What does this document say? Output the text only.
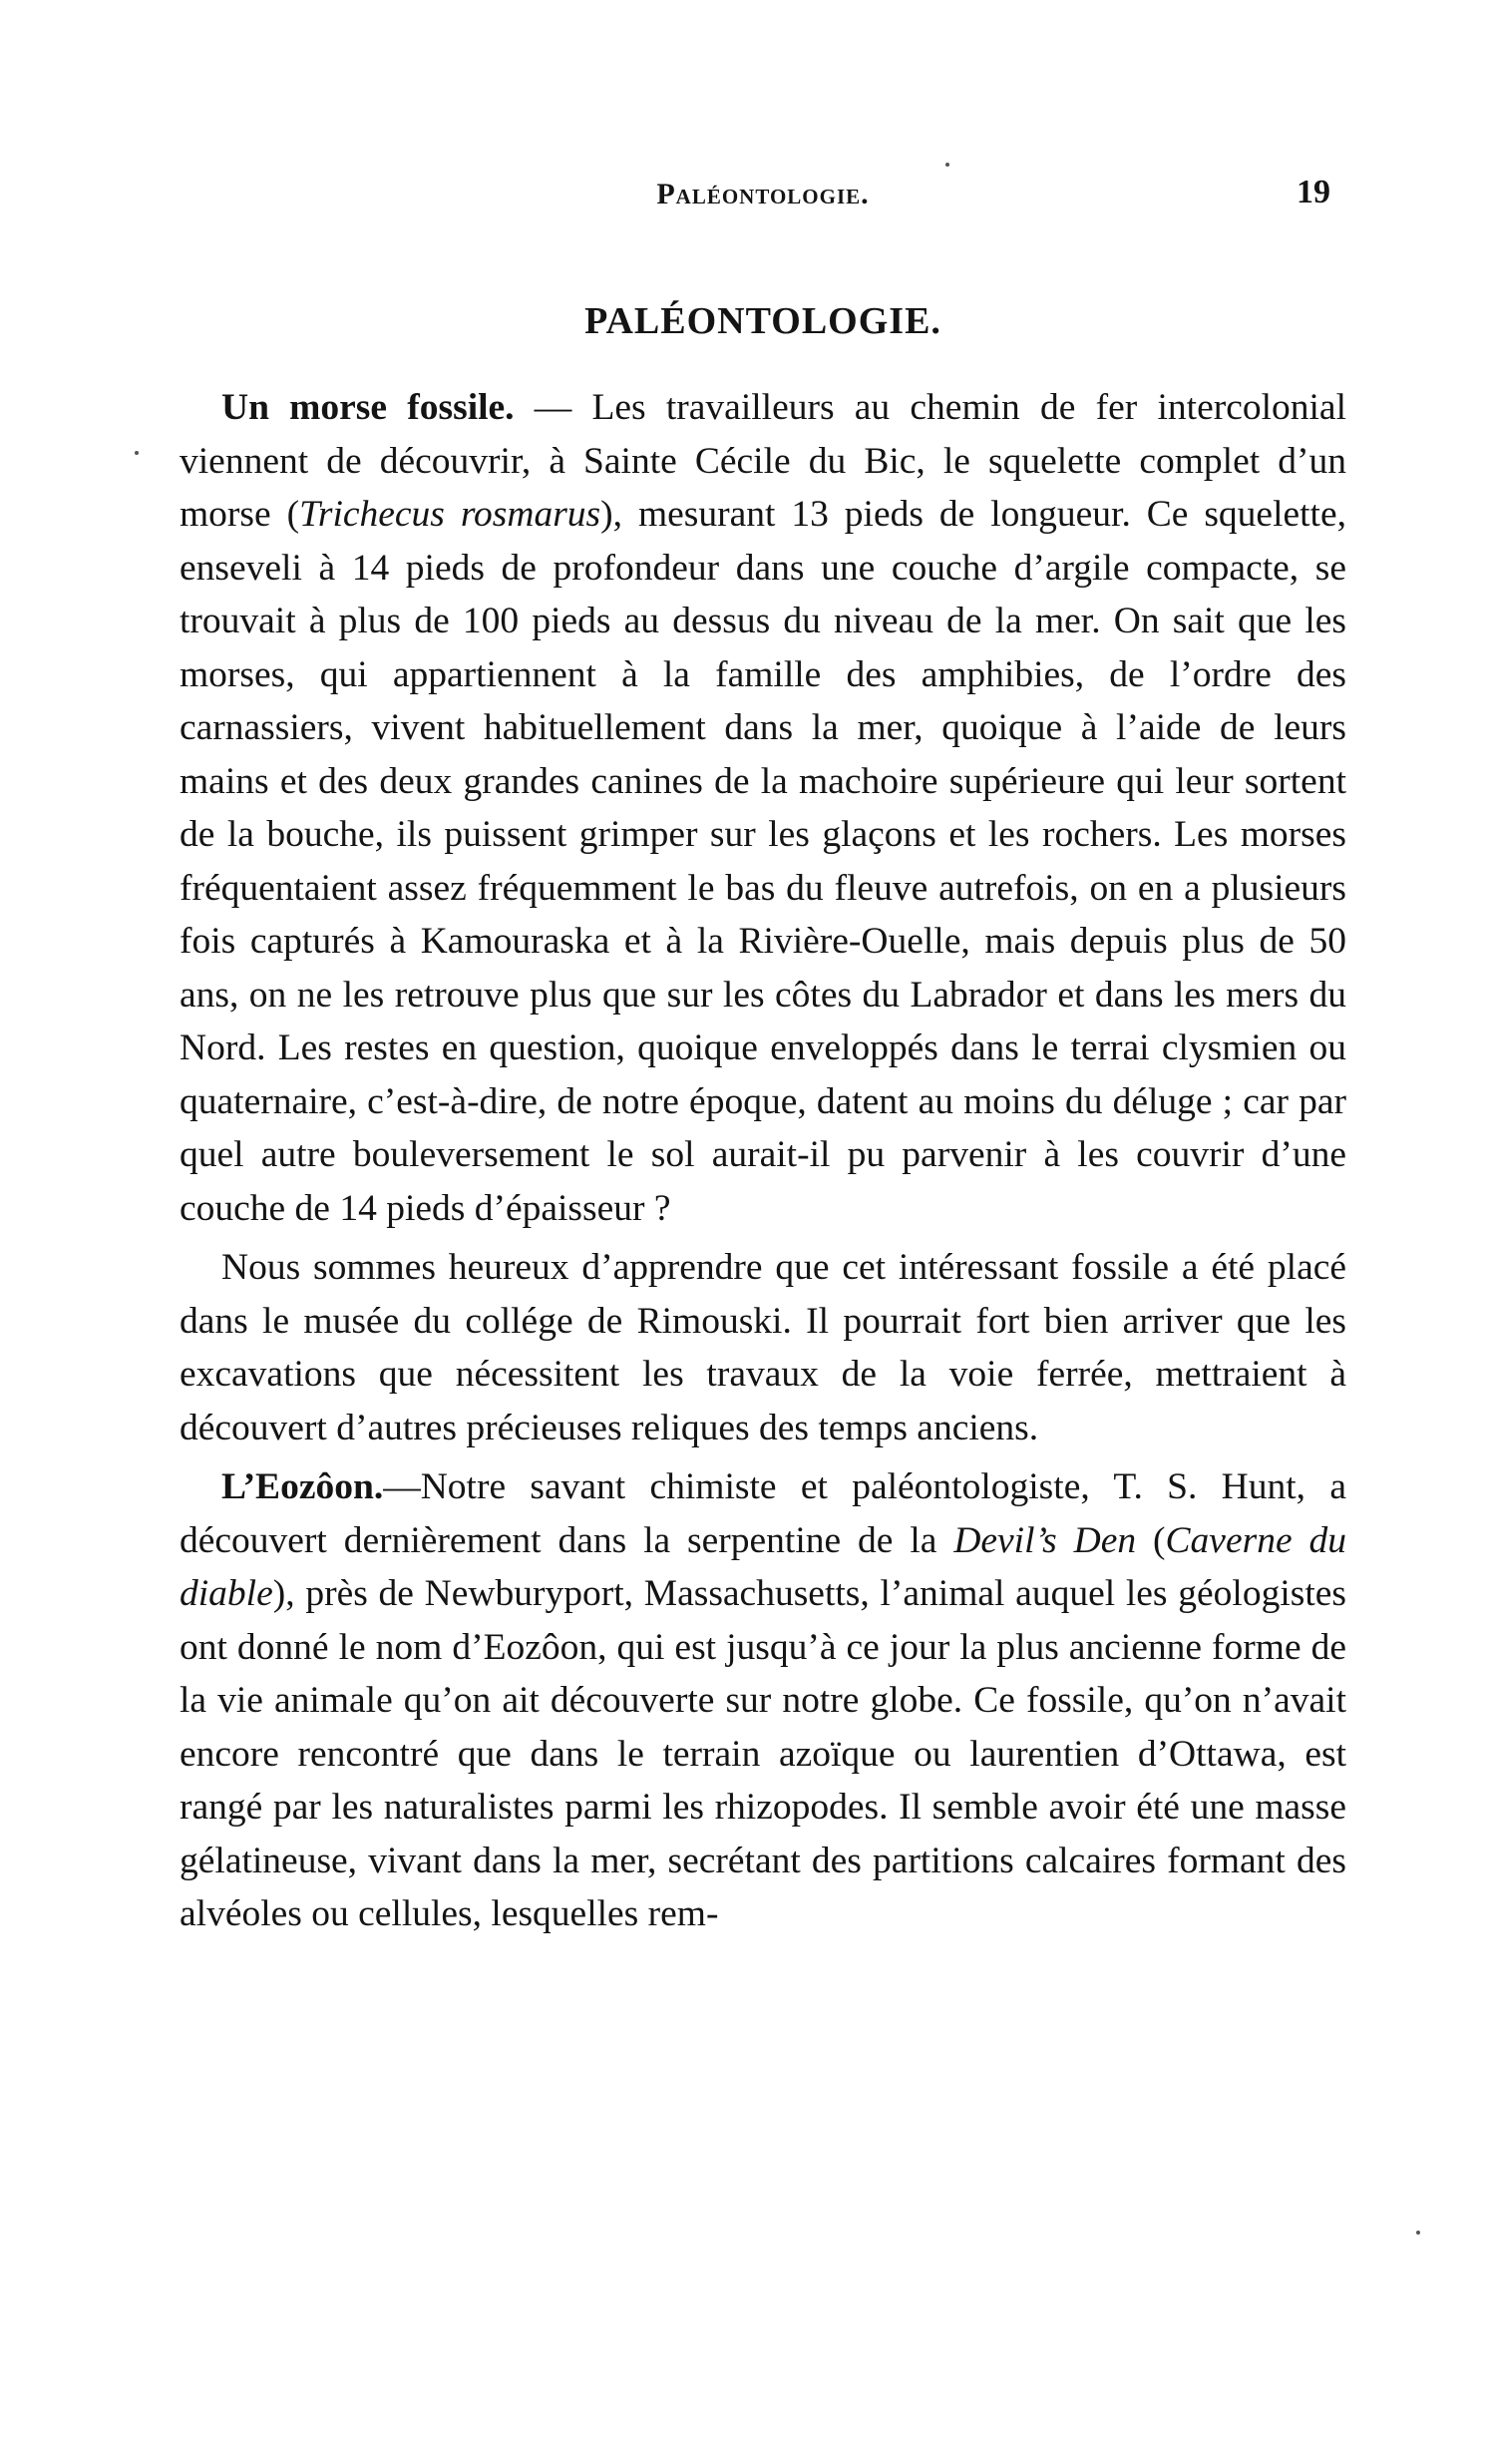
Paléontologie.	19
PALÉONTOLOGIE.

Un morse fossile. — Les travailleurs au chemin de fer intercolonial viennent de découvrir, à Sainte Cécile du Bic, le squelette complet d’un morse (Trichecus rosmarus), mesurant 13 pieds de longueur. Ce squelette, enseveli à 14 pieds de profondeur dans une couche d’argile compacte, se trouvait à plus de 100 pieds au dessus du niveau de la mer. On sait que les morses, qui appartiennent à la famille des amphibies, de l’ordre des carnassiers, vivent habituellement dans la mer, quoique à l’aide de leurs mains et des deux grandes canines de la machoire supérieure qui leur sortent de la bouche, ils puissent grimper sur les glaçons et les rochers. Les morses fréquentaient assez fréquemment le bas du fleuve autrefois, on en a plusieurs fois capturés à Kamouraska et à la Rivière-Ouelle, mais depuis plus de 50 ans, on ne les retrouve plus que sur les côtes du Labrador et dans les mers du Nord. Les restes en question, quoique enveloppés dans le terrai clysmien ou quaternaire, c’est-à-dire, de notre époque, datent au moins du déluge ; car par quel autre bouleversement le sol aurait-il pu parvenir à les couvrir d’une couche de 14 pieds d’épaisseur ?

Nous sommes heureux d’apprendre que cet intéressant fossile a été placé dans le musée du collége de Rimouski. Il pourrait fort bien arriver que les excavations que nécessitent les travaux de la voie ferrée, mettraient à découvert d’autres précieuses reliques des temps anciens.

L’Eozôon.—Notre savant chimiste et paléontologiste, T. S. Hunt, a découvert dernièrement dans la serpentine de la Devil’s Den (Caverne du diable), près de Newburyport, Massachusetts, l’animal auquel les géologistes ont donné le nom d’Eozôon, qui est jusqu’à ce jour la plus ancienne forme de la vie animale qu’on ait découverte sur notre globe. Ce fossile, qu’on n’avait encore rencontré que dans le terrain azoïque ou laurentien d’Ottawa, est rangé par les naturalistes parmi les rhizopodes. Il semble avoir été une masse gélatineuse, vivant dans la mer, secrétant des partitions calcaires formant des alvéoles ou cellules, lesquelles rem-
